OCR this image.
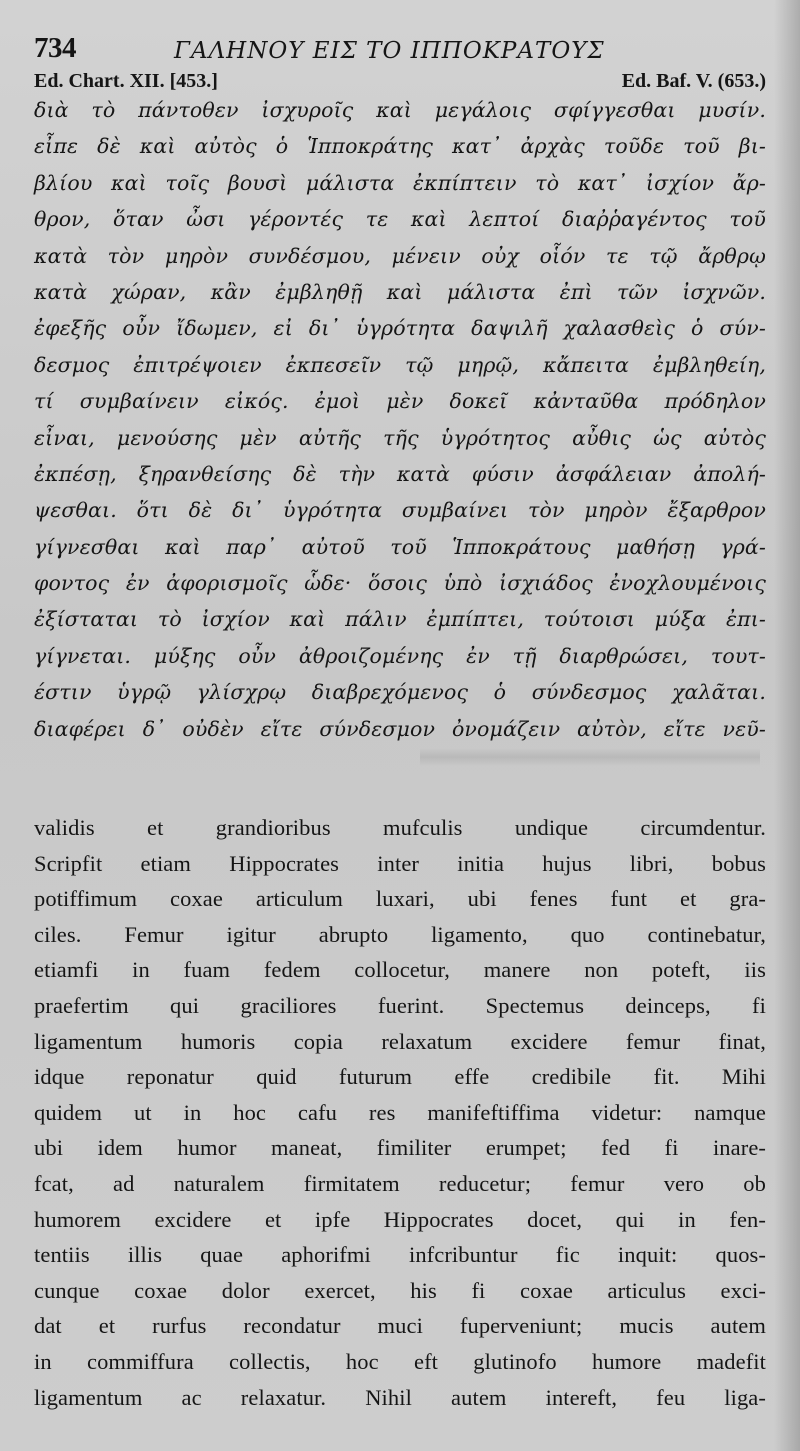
734	ΓΑΛΗΝΟΥ ΕΙΣ ΤΟ ΙΠΠΟΚΡΑΤΟΥΣ
Ed. Chart. XII. [453.]	Ed. Baf. V. (653.)
διὰ τὸ πάντοθεν ἰσχυροῖς καὶ μεγάλοις σφίγγεσθαι μυσίν.
εἶπε δὲ καὶ αὐτὸς ὁ Ἱπποκράτης κατ᾽ ἀρχὰς τοῦδε τοῦ βι-
βλίου καὶ τοῖς βουσὶ μάλιστα ἐκπίπτειν τὸ κατ᾽ ἰσχίον ἄρ-
θρον, ὅταν ὦσι γέροντές τε καὶ λεπτοί διαῤῥαγέντος τοῦ
κατὰ τὸν μηρὸν συνδέσμου, μένειν οὐχ οἷόν τε τῷ ἄρθρῳ
κατὰ χώραν, κἂν ἐμβληθῇ καὶ μάλιστα ἐπὶ τῶν ἰσχνῶν.
ἐφεξῆς οὖν ἴδωμεν, εἰ δι᾽ ὑγρότητα δαψιλῆ χαλασθεὶς ὁ σύν-
δεσμος ἐπιτρέψοιεν ἐκπεσεῖν τῷ μηρῷ, κἄπειτα ἐμβληθείη,
τί συμβαίνειν εἰκός. ἐμοὶ μὲν δοκεῖ κἀνταῦθα πρόδηλον
εἶναι, μενούσης μὲν αὐτῆς τῆς ὑγρότητος αὖθις ὡς αὐτὸς
ἐκπέσῃ, ξηρανθείσης δὲ τὴν κατὰ φύσιν ἀσφάλειαν ἀπολή-
ψεσθαι. ὅτι δὲ δι᾽ ὑγρότητα συμβαίνει τὸν μηρὸν ἔξαρθρον
γίγνεσθαι καὶ παρ᾽ αὐτοῦ τοῦ Ἱπποκράτους μαθήσῃ γρά-
φοντος ἐν ἀφορισμοῖς ὧδε· ὅσοις ὑπὸ ἰσχιάδος ἐνοχλουμένοις
ἐξίσταται τὸ ἰσχίον καὶ πάλιν ἐμπίπτει, τούτοισι μύξα ἐπι-
γίγνεται. μύξης οὖν ἀθροιζομένης ἐν τῇ διαρθρώσει, τουτ-
έστιν ὑγρῷ γλίσχρῳ διαβρεχόμενος ὁ σύνδεσμος χαλᾶται.
διαφέρει δ᾽ οὐδὲν εἴτε σύνδεσμον ὀνομάζειν αὐτὸν, εἴτε νεῦ-
validis et grandioribus mufculis undique circumdentur.
Scripfit etiam Hippocrates inter initia hujus libri, bobus
potiffimum coxae articulum luxari, ubi fenes funt et gra-
ciles. Femur igitur abrupto ligamento, quo continebatur,
etiamfi in fuam fedem collocetur, manere non poteft, iis
praefertim qui graciliores fuerint. Spectemus deinceps, fi
ligamentum humoris copia relaxatum excidere femur finat,
idque reponatur quid futurum effe credibile fit. Mihi
quidem ut in hoc cafu res manifeftiffima videtur: namque
ubi idem humor maneat, fimiliter erumpet; fed fi inare-
fcat, ad naturalem firmitatem reducetur; femur vero ob
humorem excidere et ipfe Hippocrates docet, qui in fen-
tentiis illis quae aphorifmi infcribuntur fic inquit: quos-
cunque coxae dolor exercet, his fi coxae articulus exci-
dat et rurfus recondatur muci fuperveniunt; mucis autem
in commiffura collectis, hoc eft glutinofo humore madefit
ligamentum ac relaxatur. Nihil autem intereft, feu liga-
